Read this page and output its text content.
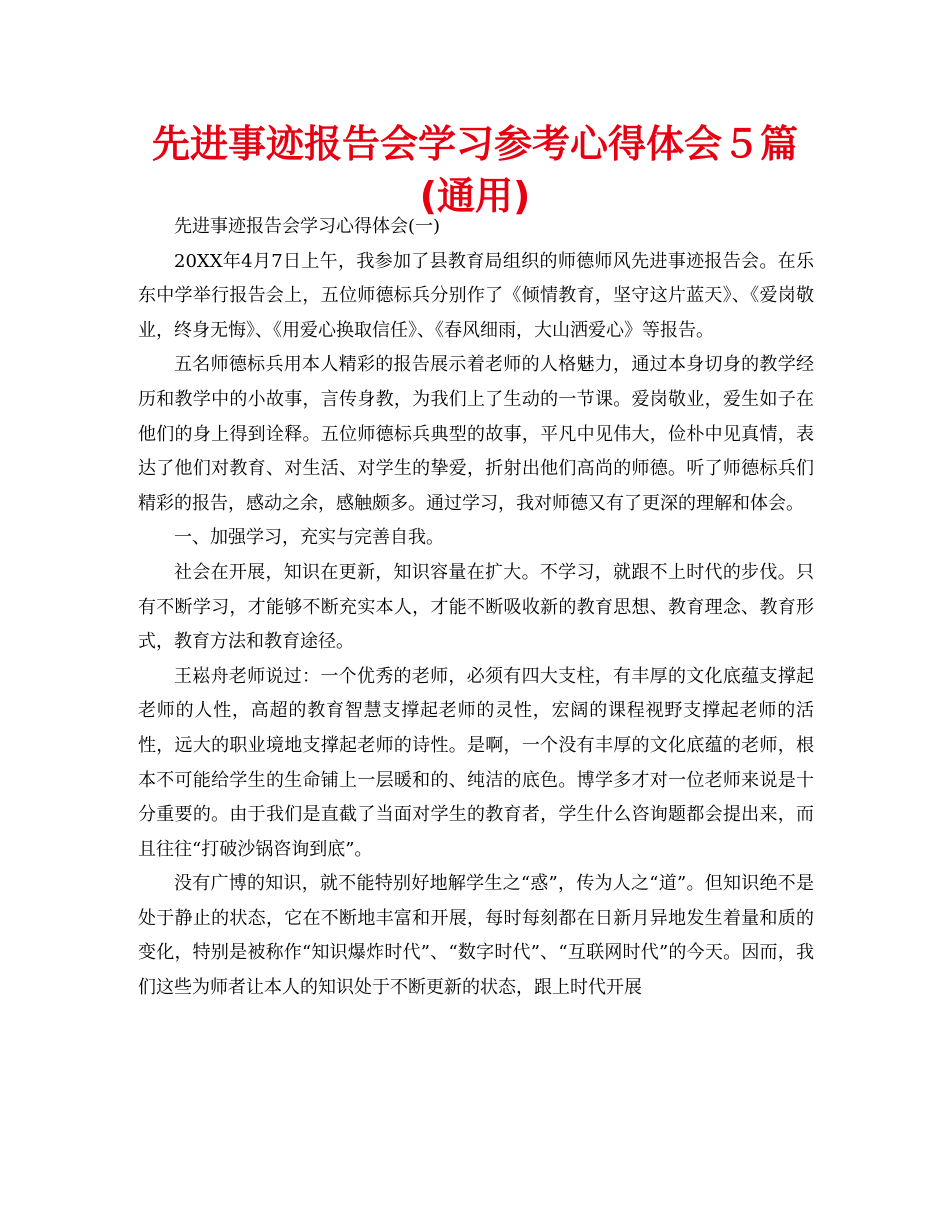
先进事迹报告会学习参考心得体会５篇
(通用)

先进事迹报告会学习心得体会(一)

20XX年4月7日上午，我参加了县教育局组织的师德师风先进事迹报告会。在乐东中学举行报告会上，五位师德标兵分别作了《倾情教育，坚守这片蓝天》、《爱岗敬业，终身无悔》、《用爱心换取信任》、《春风细雨，大山洒爱心》等报告。

五名师德标兵用本人精彩的报告展示着老师的人格魅力，通过本身切身的教学经历和教学中的小故事，言传身教，为我们上了生动的一节课。爱岗敬业，爱生如子在他们的身上得到诠释。五位师德标兵典型的故事，平凡中见伟大，俭朴中见真情，表达了他们对教育、对生活、对学生的挚爱，折射出他们高尚的师德。听了师德标兵们精彩的报告，感动之余，感触颇多。通过学习，我对师德又有了更深的理解和体会。

一、加强学习，充实与完善自我。

社会在开展，知识在更新，知识容量在扩大。不学习，就跟不上时代的步伐。只有不断学习，才能够不断充实本人，才能不断吸收新的教育思想、教育理念、教育形式，教育方法和教育途径。

王崧舟老师说过：一个优秀的老师，必须有四大支柱，有丰厚的文化底蕴支撑起老师的人性，高超的教育智慧支撑起老师的灵性，宏阔的课程视野支撑起老师的活性，远大的职业境地支撑起老师的诗性。是啊，一个没有丰厚的文化底蕴的老师，根本不可能给学生的生命铺上一层暖和的、纯洁的底色。博学多才对一位老师来说是十分重要的。由于我们是直截了当面对学生的教育者，学生什么咨询题都会提出来，而且往往“打破沙锅咨询到底”。

没有广博的知识，就不能特别好地解学生之“惑”，传为人之“道”。但知识绝不是处于静止的状态，它在不断地丰富和开展，每时每刻都在日新月异地发生着量和质的变化，特别是被称作“知识爆炸时代”、“数字时代”、“互联网时代”的今天。因而，我们这些为师者让本人的知识处于不断更新的状态，跟上时代开展
